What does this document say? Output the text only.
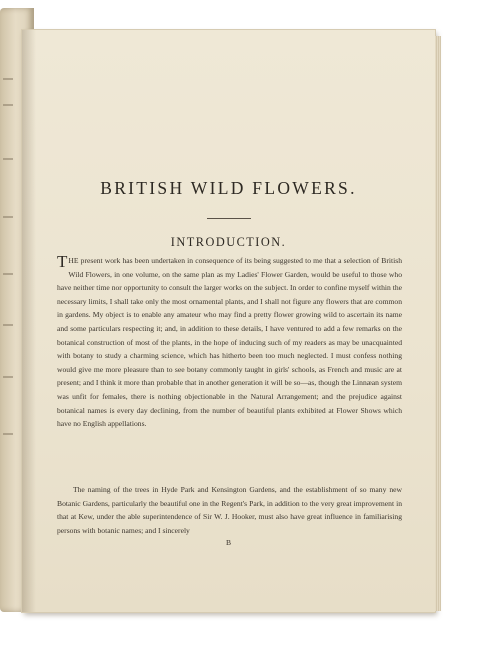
BRITISH WILD FLOWERS.
INTRODUCTION.

THE present work has been undertaken in consequence of its being suggested to me that a selection of British Wild Flowers, in one volume, on the same plan as my Ladies' Flower Garden, would be useful to those who have neither time nor opportunity to consult the larger works on the subject. In order to confine myself within the necessary limits, I shall take only the most ornamental plants, and I shall not figure any flowers that are common in gardens. My object is to enable any amateur who may find a pretty flower growing wild to ascertain its name and some particulars respecting it; and, in addition to these details, I have ventured to add a few remarks on the botanical construction of most of the plants, in the hope of inducing such of my readers as may be unacquainted with botany to study a charming science, which has hitherto been too much neglected. I must confess nothing would give me more pleasure than to see botany commonly taught in girls' schools, as French and music are at present; and I think it more than probable that in another generation it will be so—as, though the Linnæan system was unfit for females, there is nothing objectionable in the Natural Arrangement; and the prejudice against botanical names is every day declining, from the number of beautiful plants exhibited at Flower Shows which have no English appellations.

The naming of the trees in Hyde Park and Kensington Gardens, and the establishment of so many new Botanic Gardens, particularly the beautiful one in the Regent's Park, in addition to the very great improvement in that at Kew, under the able superintendence of Sir W. J. Hooker, must also have great influence in familiarising persons with botanic names; and I sincerely

B
